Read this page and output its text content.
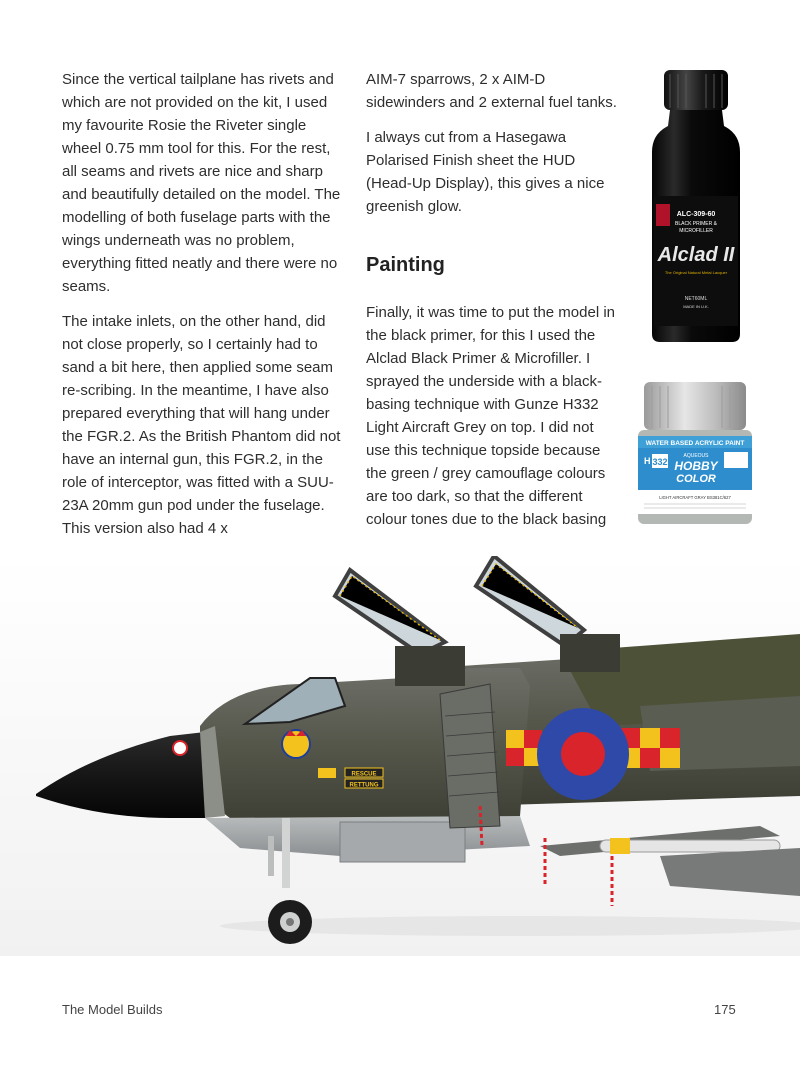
Since the vertical tailplane has rivets and which are not provided on the kit, I used my favourite Rosie the Riveter single wheel 0.75 mm tool for this. For the rest, all seams and rivets are nice and sharp and beautifully detailed on the model. The modelling of both fuselage parts with the wings underneath was no problem, everything fitted neatly and there were no seams.

The intake inlets, on the other hand, did not close properly, so I certainly had to sand a bit here, then applied some seam re-scribing. In the meantime, I have also prepared everything that will hang under the FGR.2. As the British Phantom did not have an internal gun, this FGR.2, in the role of interceptor, was fitted with a SUU-23A 20mm gun pod under the fuselage. This version also had 4 x

AIM-7 sparrows, 2 x AIM-D sidewinders and 2 external fuel tanks.

I always cut from a Hasegawa Polarised Finish sheet the HUD (Head-Up Display), this gives a nice greenish glow.

Painting

Finally, it was time to put the model in the black primer, for this I used the Alclad Black Primer & Microfiller. I sprayed the underside with a black-basing technique with Gunze H332 Light Aircraft Grey on top. I did not use this technique topside because the green / grey camouflage colours are too dark, so that the different colour tones due to the black basing

ALC-309-60
BLACK PRIMER &
MICROFILLER
Alclad II
The Original Natural Metal Lacquer
NET60ML
MADE IN U.K.
WATER BASED ACRYLIC PAINT
H 332
AQUEOUS
HOBBY
COLOR
LIGHT AIRCRAFT GRAY BS381C/627
RESCUE
RETTUNG
The Model Builds	175
